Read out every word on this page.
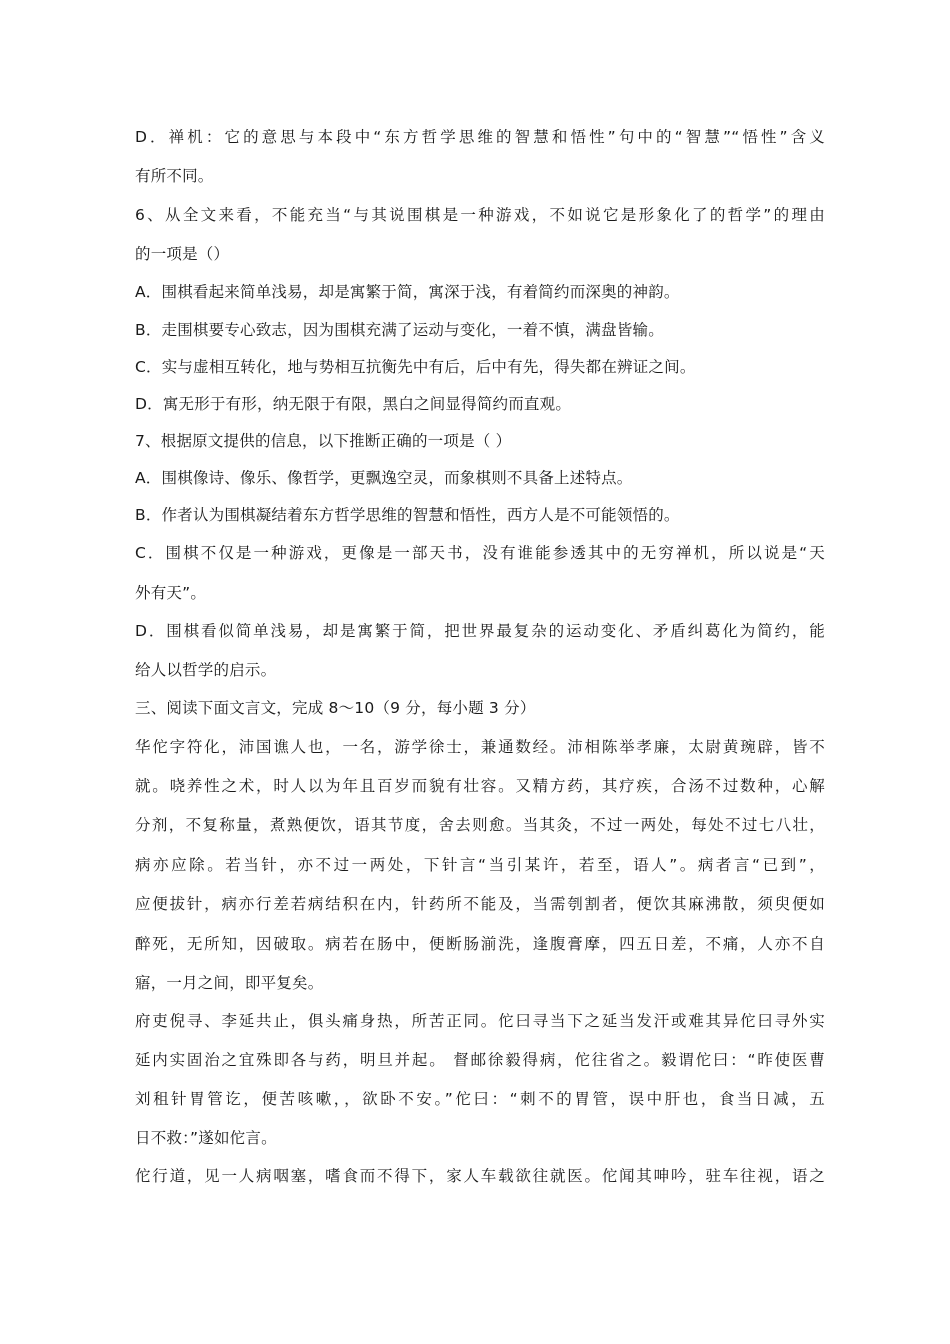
D．禅机：它的意思与本段中“东方哲学思维的智慧和悟性”句中的“智慧”“悟性”含义
有所不同。
6、从全文来看，不能充当“与其说围棋是一种游戏，不如说它是形象化了的哲学”的理由
的一项是（）
A．围棋看起来简单浅易，却是寓繁于简，寓深于浅，有着简约而深奥的神韵。
B．走围棋要专心致志，因为围棋充满了运动与变化，一着不慎，满盘皆输。
C．实与虚相互转化，地与势相互抗衡先中有后，后中有先，得失都在辨证之间。
D．寓无形于有形，纳无限于有限，黑白之间显得简约而直观。
7、根据原文提供的信息，以下推断正确的一项是（ ）
A．围棋像诗、像乐、像哲学，更飘逸空灵，而象棋则不具备上述特点。
B．作者认为围棋凝结着东方哲学思维的智慧和悟性，西方人是不可能领悟的。
C．围棋不仅是一种游戏，更像是一部天书，没有谁能参透其中的无穷禅机，所以说是“天
外有天”。
D．围棋看似简单浅易，却是寓繁于简，把世界最复杂的运动变化、矛盾纠葛化为简约，能
给人以哲学的启示。
三、阅读下面文言文，完成 8～10（9 分，每小题 3 分）
华佗字符化，沛国谯人也，一名，游学徐士，兼通数经。沛相陈举孝廉，太尉黄琬辟，皆不
就。哓养性之术，时人以为年且百岁而貌有壮容。又精方药，其疗疾，合汤不过数种，心解
分剂，不复称量，煮熟便饮，语其节度，舍去则愈。当其灸，不过一两处，每处不过七八壮，
病亦应除。若当针，亦不过一两处，下针言“当引某许，若至，语人”。病者言“已到”，
应便拔针，病亦行差若病结积在内，针药所不能及，当需刳割者，便饮其麻沸散，须臾便如
醉死，无所知，因破取。病若在肠中，便断肠湔洗，逢腹膏摩，四五日差，不痛，人亦不自
寤，一月之间，即平复矣。
府吏倪寻、李延共止，俱头痛身热，所苦正同。佗曰寻当下之延当发汗或难其异佗曰寻外实
延内实固治之宜殊即各与药，明旦并起。 督邮徐毅得病，佗往省之。毅谓佗曰：“昨使医曹
刘租针胃管讫，便苦咳嗽，，欲卧不安。”佗曰：“刺不的胃管，误中肝也，食当日减，五
日不救：”遂如佗言。
佗行道，见一人病咽塞，嗜食而不得下，家人车载欲往就医。佗闻其呻吟，驻车往视，语之
